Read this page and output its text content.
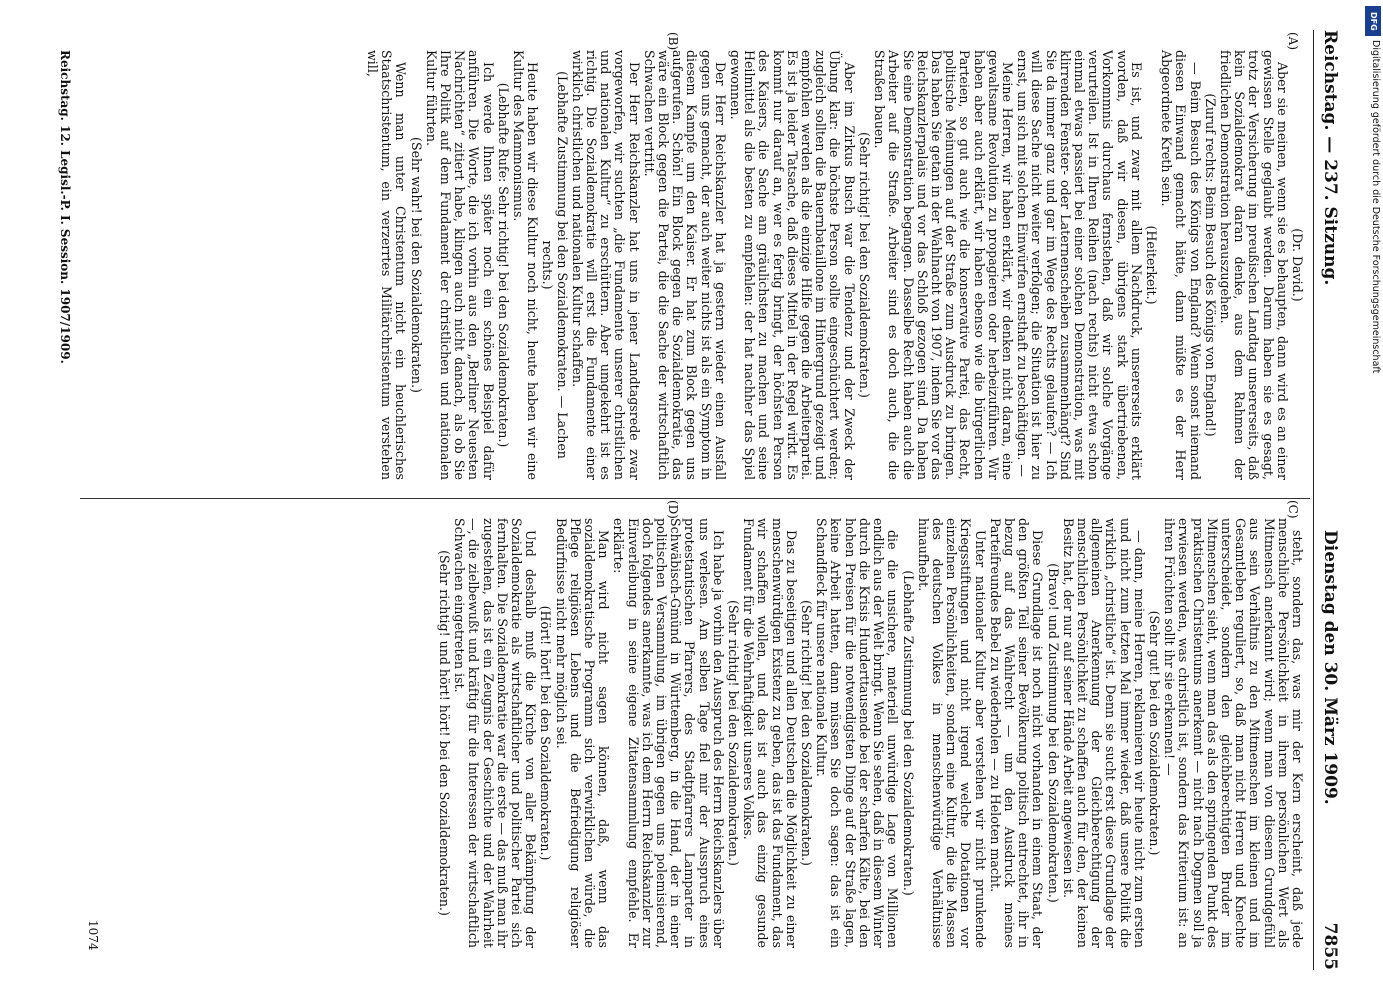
Reichstag. — 237. Sitzung.
Dienstag den 30. März 1909.
7855
(A)
(B)
(C)
(D)

(Dr. David.)

Aber sie meinen, wenn sie es behaupten, dann wird es an einer gewissen Stelle geglaubt werden. Darum haben sie es gesagt, trotz der Versicherung im preußischen Landtag unsererseits, daß kein Sozialdemokrat daran denke, aus dem Rahmen der friedlichen Demonstration herauszugehen.

(Zuruf rechts: Beim Besuch des Königs von England!)

— Beim Besuch des Königs von England? Wenn sonst niemand diesen Einwand gemacht hätte, dann müßte es der Herr Abgeordnete Kreth sein.

(Heiterkeit.)

Es ist, und zwar mit allem Nachdruck, unsererseits erklärt worden, daß wir diesen, übrigens stark übertriebenen, Vorkommnis durchaus fernstehen, daß wir solche Vorgänge verurteilen. Ist in Ihren Reihen (nach rechts) nicht etwa schon einmal etwas passiert bei einer solchen Demonstration, was mit klirrenden Fenster- oder Laternenscheiben zusammenhängt? Sind Sie da immer ganz und gar im Wege des Rechts gelaufen? — Ich will diese Sache nicht weiter verfolgen; die Situation ist hier zu ernst, um sich mit solchen Einwürfen ernsthaft zu beschäftigen. —

Meine Herren, wir haben erklärt, wir denken nicht daran, eine gewaltsame Revolution zu propagieren oder herbeizuführen. Wir haben aber auch erklärt, wir haben ebenso wie die bürgerlichen Parteien, so gut auch wie die konservative Partei, das Recht, politische Meinungen auf der Straße zum Ausdruck zu bringen. Das haben Sie getan in der Wahlnacht von 1907, indem Sie vor das Reichskanzlerpalais und vor das Schloß gezogen sind. Da haben Sie eine Demonstration begangen. Dasselbe Recht haben auch die Arbeiter auf die Straße. Arbeiter sind es doch auch, die die Straßen bauen.

(Sehr richtig! bei den Sozialdemokraten.)

Aber im Zirkus Busch war die Tendenz und der Zweck der Übung klar: die höchste Person sollte eingeschüchtert werden; zugleich sollten die Bauernbataillone im Hintergrund gezeigt und empfohlen werden als die einzige Hilfe gegen die Arbeiterpartei. Es ist ja leider Tatsache, daß dieses Mittel in der Regel wirkt. Es kommt nur darauf an, wer es fertig bringt, der höchsten Person des Kaisers, die Sache am gräulichsten zu machen und seine Heilmittel als die besten zu empfehlen: der hat nachher das Spiel gewonnen.

Der Herr Reichskanzler hat ja gestern wieder einen Ausfall gegen uns gemacht, der auch weiter nichts ist als ein Symptom in diesem Kampfe um den Kaiser. Er hat zum Block gegen uns aufgerufen. Schön! Ein Block gegen die Sozialdemokratie, das wäre ein Block gegen die Partei, die die Sache der wirtschaftlich Schwachen vertritt.

Der Herr Reichskanzler hat uns in jener Landtagsrede zwar vorgeworfen, wir suchten „die Fundamente unserer christlichen und nationalen Kultur“ zu erschüttern. Aber umgekehrt ist es richtig. Die Sozialdemokratie will erst die Fundamente einer wirklich christlichen und nationalen Kultur schaffen.

(Lebhafte Zustimmung bei den Sozialdemokraten. — Lachen rechts.)

Heute haben wir diese Kultur noch nicht, heute haben wir eine Kultur des Mammonismus.

(Lebhafte Rufe: Sehr richtig! bei den Sozialdemokraten.)

Ich werde Ihnen später noch ein schönes Beispiel dafür anführen. Die Worte, die ich vorhin aus den „Berliner Neuesten Nachrichten“ zitiert habe, klingen auch nicht danach, als ob Sie Ihre Politik auf dem Fundament der christlichen und nationalen Kultur führten.

(Sehr wahr! bei den Sozialdemokraten.)

Wenn man unter Christentum nicht ein heuchlerisches Staatschristentum, ein verzerrtes Militärchristentum verstehen will,

steht, sondern das, was mir der Kern erscheint, daß jede menschliche Persönlichkeit in ihrem persönlichen Wert als Mitmensch anerkannt wird; wenn man von diesem Grundgefühl aus sein Verhältnis zu den Mitmenschen im kleinen und im Gesamtleben reguliert, so, daß man nicht Herren und Knechte unterscheidet, sondern den gleichberechtigten Bruder im Mitmenschen sieht, wenn man das als den springenden Punkt des praktischen Christentums anerkennt — nicht nach Dogmen soll ja erwiesen werden, was christlich ist, sondern das Kriterium ist: an ihren Früchten sollt ihr sie erkennen! —

(Sehr gut! bei den Sozialdemokraten.)

— dann, meine Herren, reklamieren wir heute nicht zum ersten und nicht zum letzten Mal immer wieder, daß unsere Politik die wirklich „christliche“ ist. Denn sie sucht erst diese Grundlage der allgemeinen Anerkennung der Gleichberechtigung der menschlichen Persönlichkeit zu schaffen auch für den, der keinen Besitz hat, der nur auf seiner Hände Arbeit angewiesen ist.

(Bravo! und Zustimmung bei den Sozialdemokraten.)

Diese Grundlage ist noch nicht vorhanden in einem Staat, der den größten Teil seiner Bevölkerung politisch entrechtet, ihr in bezug auf das Wahlrecht — um den Ausdruck meines Parteifreundes Bebel zu wiederholen — zu Heloten macht.

Unter nationaler Kultur aber verstehen wir nicht prunkende Kriegsstiftungen und nicht irgend welche Dotationen vor einzelnen Persönlichkeiten, sondern eine Kultur, die die Massen des deutschen Volkes in menschenwürdige Verhältnisse hinaufhebt.

(Lebhafte Zustimmung bei den Sozialdemokraten.)

die die unsichere, materiell unwürdige Lage von Millionen endlich aus der Welt bringt. Wenn Sie sehen, daß in diesem Winter durch die Krisis Hunderttausende bei der scharfen Kälte, bei den hohen Preisen für die notwendigsten Dinge auf der Straße lagen, keine Arbeit hatten, dann müssen Sie doch sagen: das ist ein Schandfleck für unsere nationale Kultur.

(Sehr richtig! bei den Sozialdemokraten.)

Das zu beseitigen und allen Deutschen die Möglichkeit zu einer menschenwürdigen Existenz zu geben, das ist das Fundament, das wir schaffen wollen, und das ist auch das einzig gesunde Fundament für die Wehrhaftigkeit unseres Volkes.

(Sehr richtig! bei den Sozialdemokraten.)

Ich habe ja vorhin den Ausspruch des Herrn Reichskanzlers über uns verlesen. Am selben Tage fiel mir der Ausspruch eines protestantischen Pfarrers, des Stadtpfarrers Lamparter in Schwäbisch-Gmünd in Württemberg, in die Hand, der in einer politischen Versammlung, im übrigen gegen uns polemisierend, doch folgendes anerkannte, was ich dem Herrn Reichskanzler zur Einverleibung in seine eigene Zitatensammlung empfehle. Er erklärte:

Man wird nicht sagen können, daß, wenn das sozialdemokratische Programm sich verwirklichen würde, die Pflege religiösen Lebens und die Befriedigung religiöser Bedürfnisse nicht mehr möglich sei.

(Hört! hört! bei den Sozialdemokraten.)

Und deshalb muß die Kirche von aller Bekämpfung der Sozialdemokratie als wirtschaftlicher und politischer Partei sich fernhalten. Die Sozialdemokratie war die erste — das muß man ihr zugestehen, das ist ein Zeugnis der Geschichte und der Wahrheit —, die zielbewußt und kräftig für die Interessen der wirtschaftlich Schwachen eingetreten ist.

(Sehr richtig! und hört! hört! bei den Sozialdemokraten.)

Reichstag. 12. Legisl.-P. I. Session. 1907/1909.
1074
Digitalisierung gefördert durch die Deutsche Forschungsgemeinschaft
DFG
